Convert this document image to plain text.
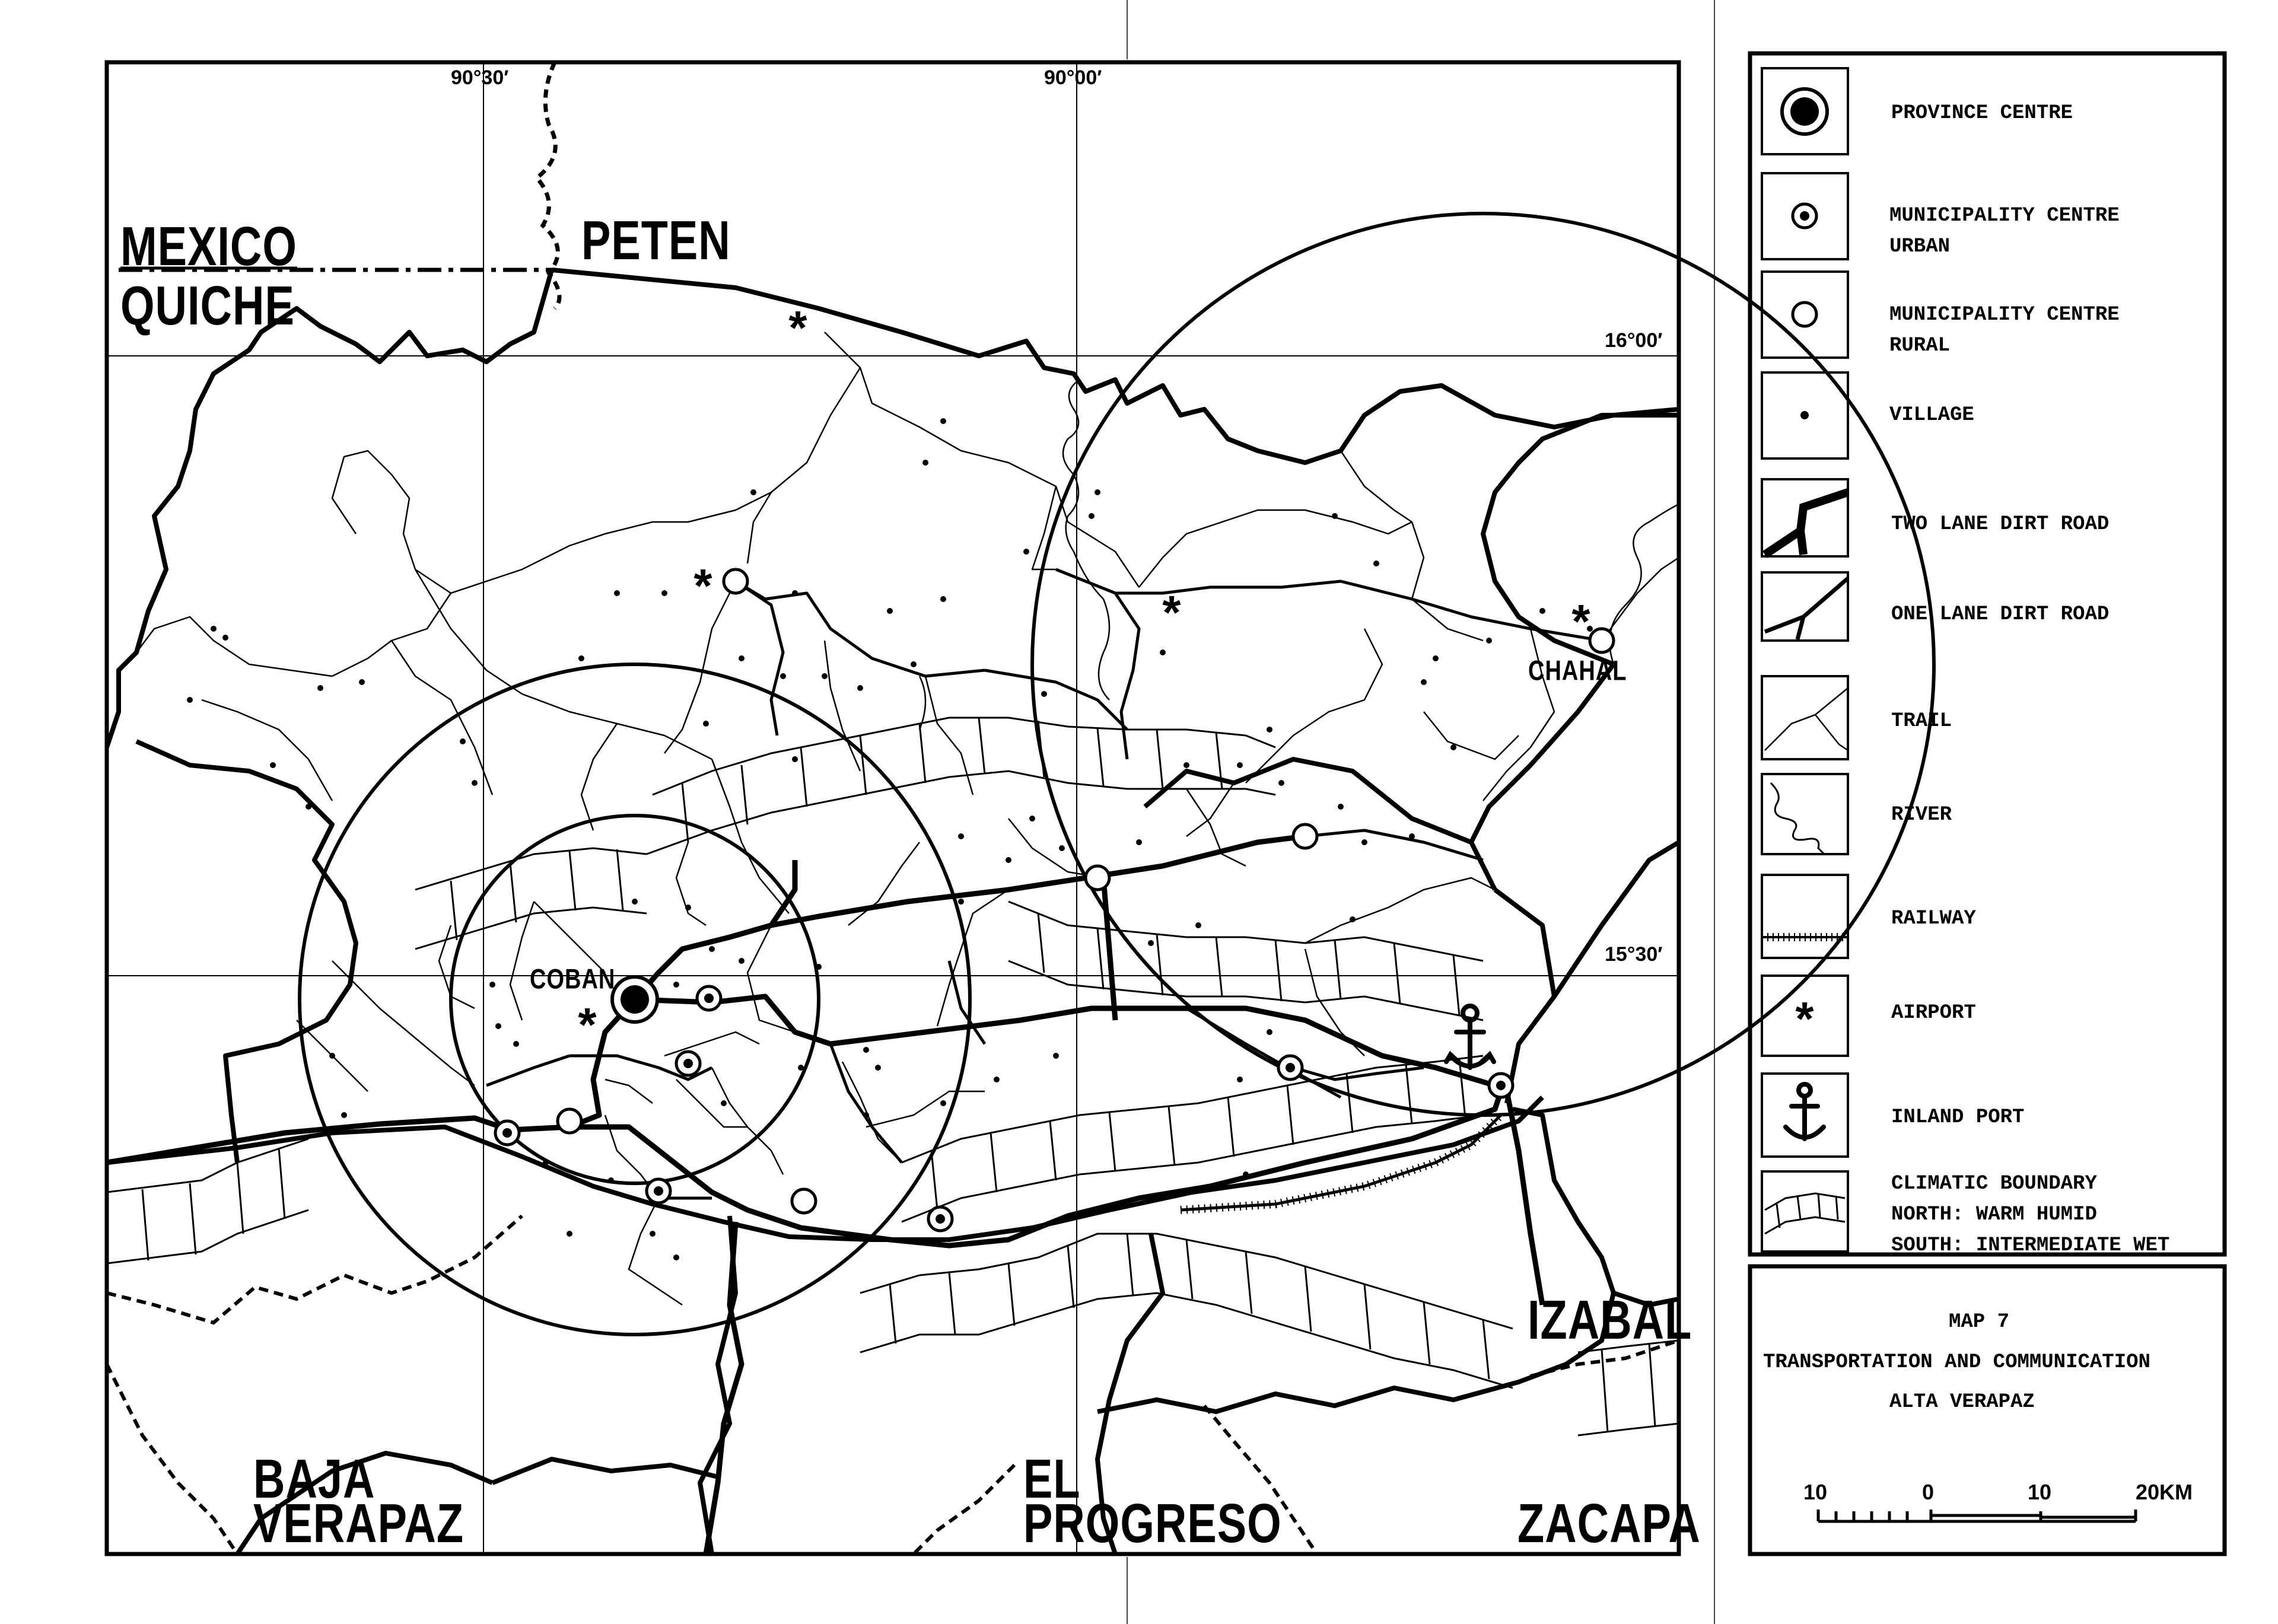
*
*
*	*
*	*
MEXICO
QUICHE
PETEN
IZABAL
BAJA
VERAPAZ
EL
PROGRESO	ZACAPA
COBAN
CHAHAL
90°30′	90°00′
16°00′
15°30′
PROVINCE CENTRE
MUNICIPALITY CENTRE
URBAN
MUNICIPALITY CENTRE
RURAL
VILLAGE
TWO LANE DIRT ROAD
ONE LANE DIRT ROAD
TRAIL
RIVER
RAILWAY
AIRPORT
INLAND PORT
CLIMATIC BOUNDARY
NORTH: WARM HUMID
SOUTH: INTERMEDIATE WET
MAP 7
TRANSPORTATION AND COMMUNICATION
ALTA VERAPAZ
10	0	10	20KM
